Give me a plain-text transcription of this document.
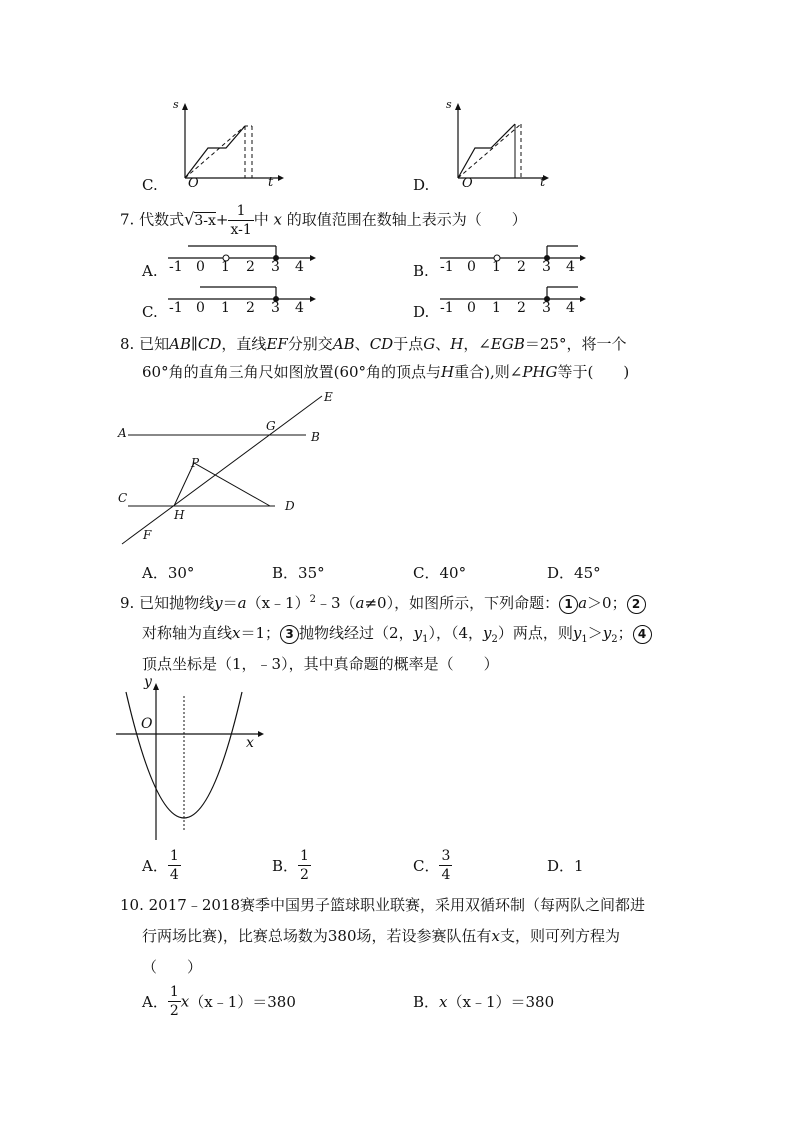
C.
s
t
O	D.
s
t
O
7. 代数式$√3-x+ \frac{1}{x-1}$ 中 x 的取值范围在数轴上表示为（　　）
A.	B.
C.	D.
-1 0 1 2 3 4	-1 0 1 2 3 4
-1 0 1 2 3 4	-1 0 1 2 3 4
8. 已知AB∥CD，直线EF分别交AB、CD于点G、H，∠EGB＝25°，将一个
60°角的直角三角尺如图放置(60°角的顶点与H重合),则∠PHG等于(　　)
A	B
C
D
E
F
G
H
P
A．30°	B．35°	C．40°	D．45°
9. 已知抛物线y＝a（x﹣1）$^2$﹣3（a≠0），如图所示，下列命题： 1 a＞0； 2
对称轴为直线x＝1； 3 抛物线经过（2，$y_1$），（4，$y_2$）两点，则$y_1>y_2$； 4
顶点坐标是（1，﹣3），其中真命题的概率是（　　）
y
x
O
A． $\frac{1}{4}$	B． $\frac{1}{2}$	C． $\frac{3}{4}$	D．1
10. 2017﹣2018赛季中国男子篮球职业联赛，采用双循环制（每两队之间都进
行两场比赛)，比赛总场数为380场，若设参赛队伍有x支，则可列方程为
（　　）
A． $\frac{1}{2}$ x（x﹣1）＝380	B．x（x﹣1）＝380
